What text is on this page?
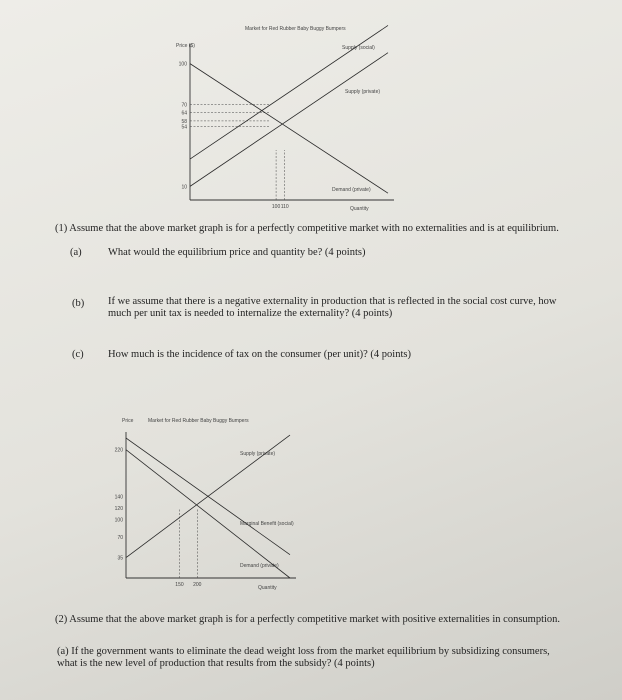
Market for Red Rubber Baby Buggy Bumpers
Price ($)	Supply (social)
Supply (private)
Demand (private)
Quantity
100
70
64
58
54
10
100 110
(1) Assume that the above market graph is for a perfectly competitive market with no externalities and is at equilibrium.
(a)	What would the equilibrium price and quantity be? (4 points)
(b) If we assume that there is a negative externality in production that is reflected in the social cost curve, how much per unit tax is needed to internalize the externality? (4 points)
(c) How much is the incidence of tax on the consumer (per unit)? (4 points)
Price	Market for Red Rubber Baby Buggy Bumpers
Supply (private)
Marginal Benefit (social)
Demand (private)
Quantity
220
140
120
100
70
35
200
150
(2) Assume that the above market graph is for a perfectly competitive market with positive externalities in consumption.
(a) If the government wants to eliminate the dead weight loss from the market equilibrium by subsidizing consumers, what is the new level of production that results from the subsidy? (4 points)
